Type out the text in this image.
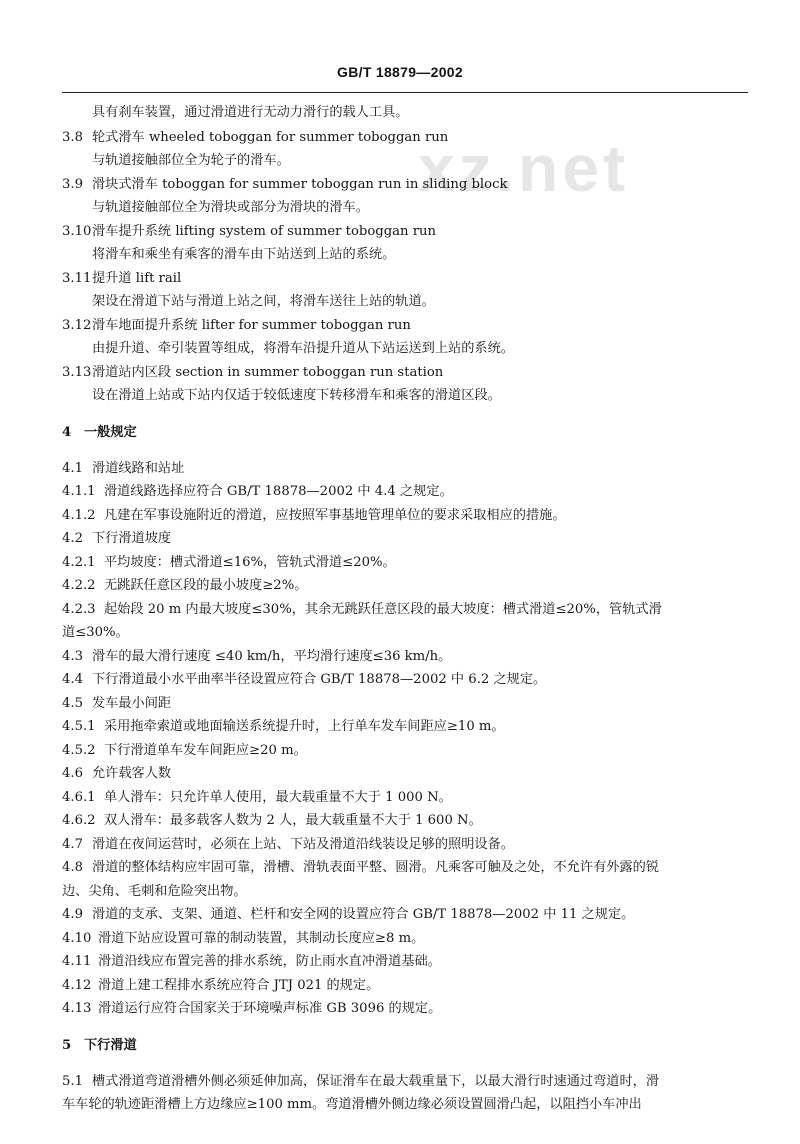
GB/T 18879—2002
xz.net
具有刹车装置，通过滑道进行无动力滑行的载人工具。
3.8 轮式滑车 wheeled toboggan for summer toboggan run
与轨道接触部位全为轮子的滑车。
3.9 滑块式滑车 toboggan for summer toboggan run in sliding block
与轨道接触部位全为滑块或部分为滑块的滑车。
3.10滑车提升系统 lifting system of summer toboggan run
将滑车和乘坐有乘客的滑车由下站送到上站的系统。
3.11提升道 lift rail
架设在滑道下站与滑道上站之间，将滑车送往上站的轨道。
3.12滑车地面提升系统 lifter for summer toboggan run
由提升道、牵引装置等组成，将滑车沿提升道从下站运送到上站的系统。
3.13滑道站内区段 section in summer toboggan run station
设在滑道上站或下站内仅适于较低速度下转移滑车和乘客的滑道区段。
4 一般规定
4.1 滑道线路和站址
4.1.1 滑道线路选择应符合 GB/T 18878—2002 中 4.4 之规定。
4.1.2 凡建在军事设施附近的滑道，应按照军事基地管理单位的要求采取相应的措施。
4.2 下行滑道坡度
4.2.1 平均坡度：槽式滑道≤16%，管轨式滑道≤20%。
4.2.2 无跳跃任意区段的最小坡度≥2%。
4.2.3 起始段 20 m 内最大坡度≤30%，其余无跳跃任意区段的最大坡度：槽式滑道≤20%，管轨式滑
道≤30%。
4.3 滑车的最大滑行速度 ≤40 km/h，平均滑行速度≤36 km/h。
4.4 下行滑道最小水平曲率半径设置应符合 GB/T 18878—2002 中 6.2 之规定。
4.5 发车最小间距
4.5.1 采用拖牵索道或地面输送系统提升时，上行单车发车间距应≥10 m。
4.5.2 下行滑道单车发车间距应≥20 m。
4.6 允许载客人数
4.6.1 单人滑车：只允许单人使用，最大载重量不大于 1 000 N。
4.6.2 双人滑车：最多载客人数为 2 人，最大载重量不大于 1 600 N。
4.7 滑道在夜间运营时，必须在上站、下站及滑道沿线装设足够的照明设备。
4.8 滑道的整体结构应牢固可靠，滑槽、滑轨表面平整、圆滑。凡乘客可触及之处，不允许有外露的锐
边、尖角、毛刺和危险突出物。
4.9 滑道的支承、支架、通道、栏杆和安全网的设置应符合 GB/T 18878—2002 中 11 之规定。
4.10 滑道下站应设置可靠的制动装置，其制动长度应≥8 m。
4.11 滑道沿线应布置完善的排水系统，防止雨水直冲滑道基础。
4.12 滑道上建工程排水系统应符合 JTJ 021 的规定。
4.13 滑道运行应符合国家关于环境噪声标准 GB 3096 的规定。
5 下行滑道
5.1 槽式滑道弯道滑槽外侧必须延伸加高，保证滑车在最大载重量下，以最大滑行时速通过弯道时，滑
车车轮的轨迹距滑槽上方边缘应≥100 mm。弯道滑槽外侧边缘必须设置圆滑凸起，以阻挡小车冲出
